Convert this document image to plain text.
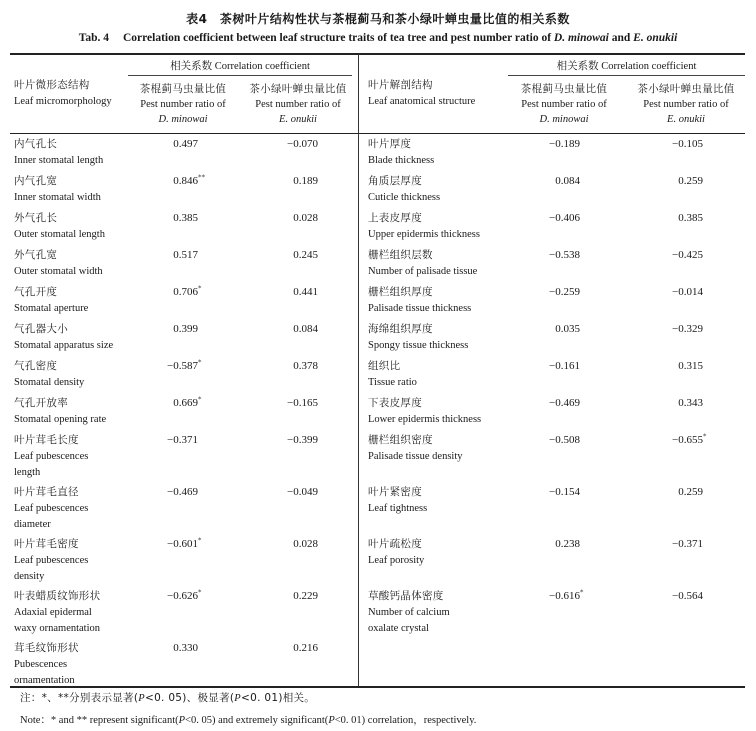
表4　茶树叶片结构性状与茶棍蓟马和茶小绿叶蝉虫量比值的相关系数
Tab. 4 Correlation coefficient between leaf structure traits of tea tree and pest number ratio of D. minowai and E. onukii
叶片微形态结构
Leaf micromorphology
相关系数 Correlation coefficient
茶棍蓟马虫量比值
Pest number ratio of
D. minowai
茶小绿叶蝉虫量比值
Pest number ratio of
E. onukii
叶片解剖结构
Leaf anatomical structure
相关系数 Correlation coefficient
茶棍蓟马虫量比值
Pest number ratio of
D. minowai
茶小绿叶蝉虫量比值
Pest number ratio of
E. onukii
内气孔长
Inner stomatal length
0.497	−0.070
内气孔宽
Inner stomatal width
0.846**	0.189
外气孔长
Outer stomatal length
0.385	0.028
外气孔宽
Outer stomatal width
0.517	0.245
气孔开度
Stomatal aperture
0.706*	0.441
气孔器大小
Stomatal apparatus size
0.399	0.084
气孔密度
Stomatal density
−0.587*	0.378
气孔开放率
Stomatal opening rate
0.669*	−0.165
叶片茸毛长度
Leaf pubescences
length
−0.371	−0.399
叶片茸毛直径
Leaf pubescences
diameter
−0.469	−0.049
叶片茸毛密度
Leaf pubescences
density
−0.601*	0.028
叶表蜡质纹饰形状
Adaxial epidermal
waxy ornamentation
−0.626*	0.229
茸毛纹饰形状
Pubescences
ornamentation
0.330	0.216
叶片厚度
Blade thickness
−0.189	−0.105
角质层厚度
Cuticle thickness
0.084	0.259
上表皮厚度
Upper epidermis thickness
−0.406	0.385
栅栏组织层数
Number of palisade tissue
−0.538	−0.425
栅栏组织厚度
Palisade tissue thickness
−0.259	−0.014
海绵组织厚度
Spongy tissue thickness
0.035	−0.329
组织比
Tissue ratio
−0.161	0.315
下表皮厚度
Lower epidermis thickness
−0.469	0.343
栅栏组织密度
Palisade tissue density
−0.508	−0.655*
叶片紧密度
Leaf tightness
−0.154	0.259
叶片疏松度
Leaf porosity
0.238	−0.371
草酸钙晶体密度
Number of calcium
oxalate crystal
−0.616*	−0.564
注：*、**分别表示显著(P<0. 05)、极显著(P<0. 01)相关。
Note：* and ** represent significant(P<0. 05) and extremely significant(P<0. 01) correlation，respectively.
